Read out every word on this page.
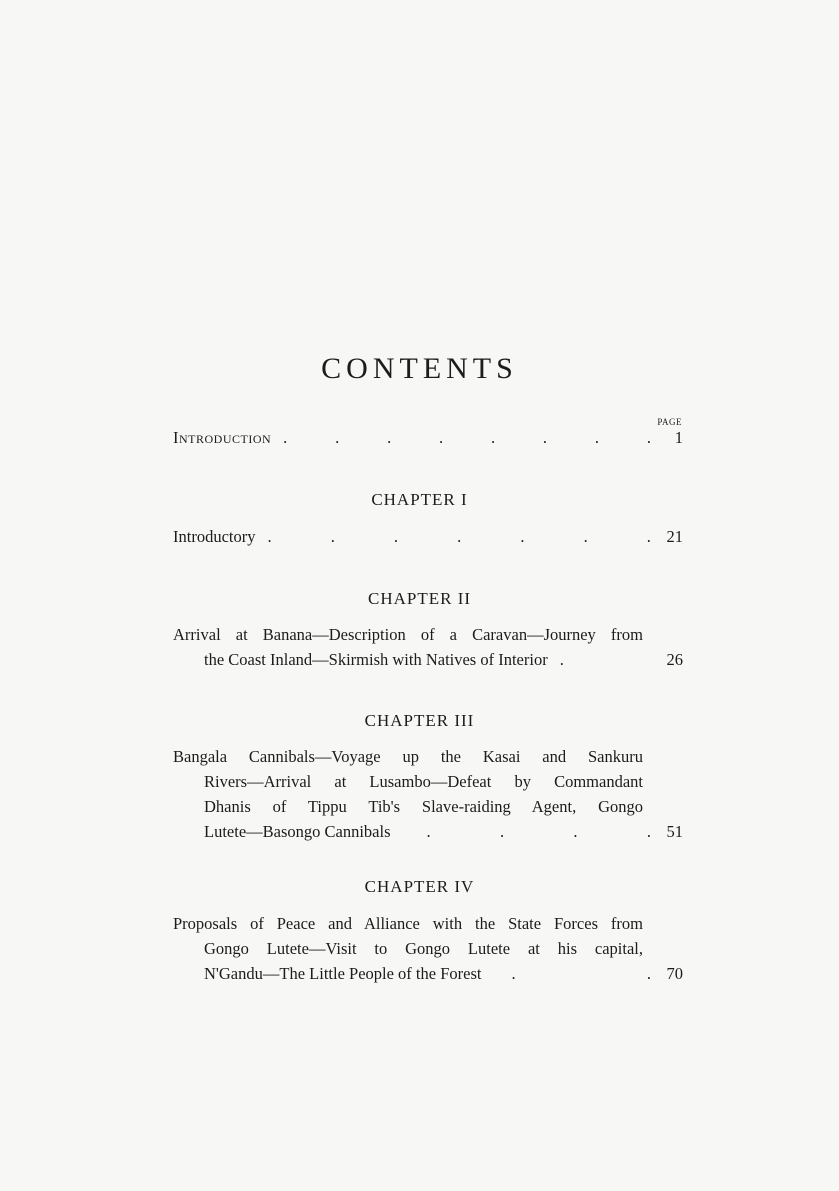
CONTENTS
PAGE
Introduction .	.	.	.	.	.	.	.	1
CHAPTER I
Introductory .	.	.	.	.	.	. 21
CHAPTER II
Arrival at Banana—Description of a Caravan—Journey from
the Coast Inland—Skirmish with Natives of Interior .	26
CHAPTER III
Bangala Cannibals—Voyage up the Kasai and Sankuru
Rivers—Arrival at Lusambo—Defeat by Commandant
Dhanis of Tippu Tib's Slave-raiding Agent, Gongo
Lutete—Basongo Cannibals .	.	.	. 51
CHAPTER IV
Proposals of Peace and Alliance with the State Forces from
Gongo Lutete—Visit to Gongo Lutete at his capital,
N'Gandu—The Little People of the Forest .	. 70
